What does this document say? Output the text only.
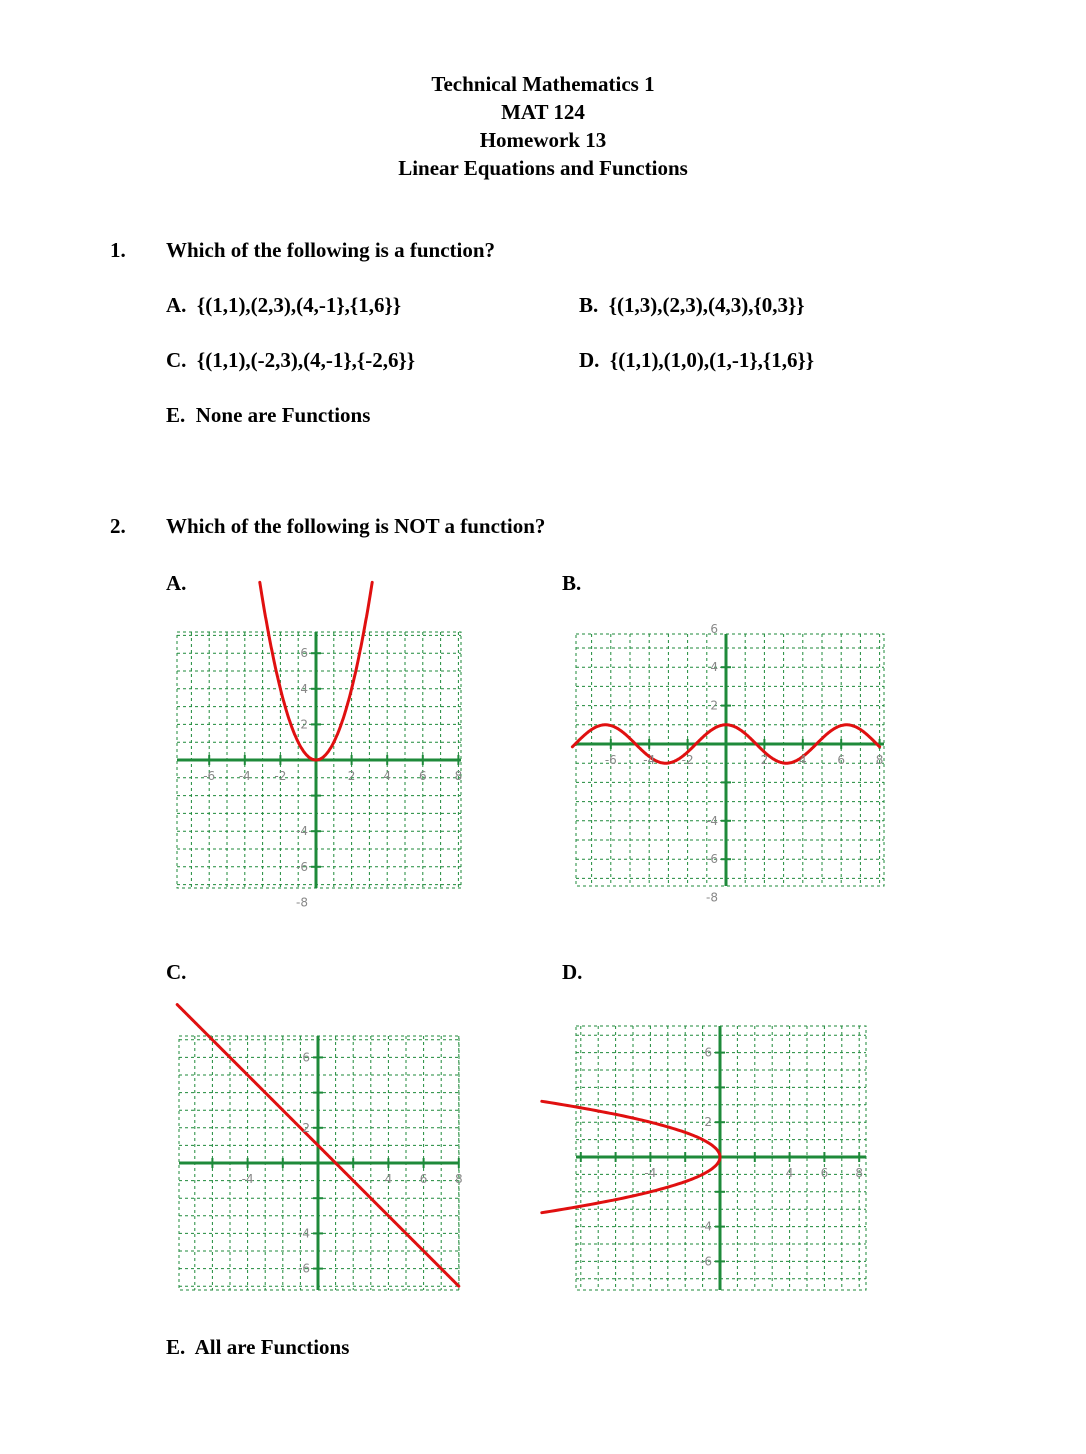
Technical Mathematics 1
MAT 124
Homework 13
Linear Equations and Functions
1. Which of the following is a function?
A. {(1,1),(2,3),(4,-1},{1,6}}	B. {(1,3),(2,3),(4,3),{0,3}}
C. {(1,1),(-2,3),(4,-1},{-2,6}}	D. {(1,1),(1,0),(1,-1},{1,6}}
E. None are Functions
2. Which of the following is NOT a function?
A.	B.
C.	D.
-6 -4 -2	2 4 6 8
6
4
2
-4
-6
-8
-6 -4 -2	2	4	6	8
6
4
2
-4
-6
-8
-4	4 6 8
6
2
-4
-6
-4	4 6 8
6
2
-4
-6
E. All are Functions
